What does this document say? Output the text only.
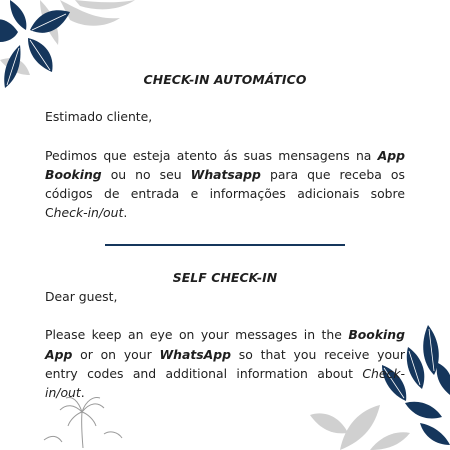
CHECK-IN AUTOMÁTICO

Estimado cliente,

Pedimos que esteja atento ás suas mensagens na App Booking ou no seu Whatsapp para que receba os códigos de entrada e informações adicionais sobre Check-in/out.

SELF CHECK-IN

Dear guest,

Please keep an eye on your messages in the Booking App or on your WhatsApp so that you receive your entry codes and additional information about Check-in/out.
